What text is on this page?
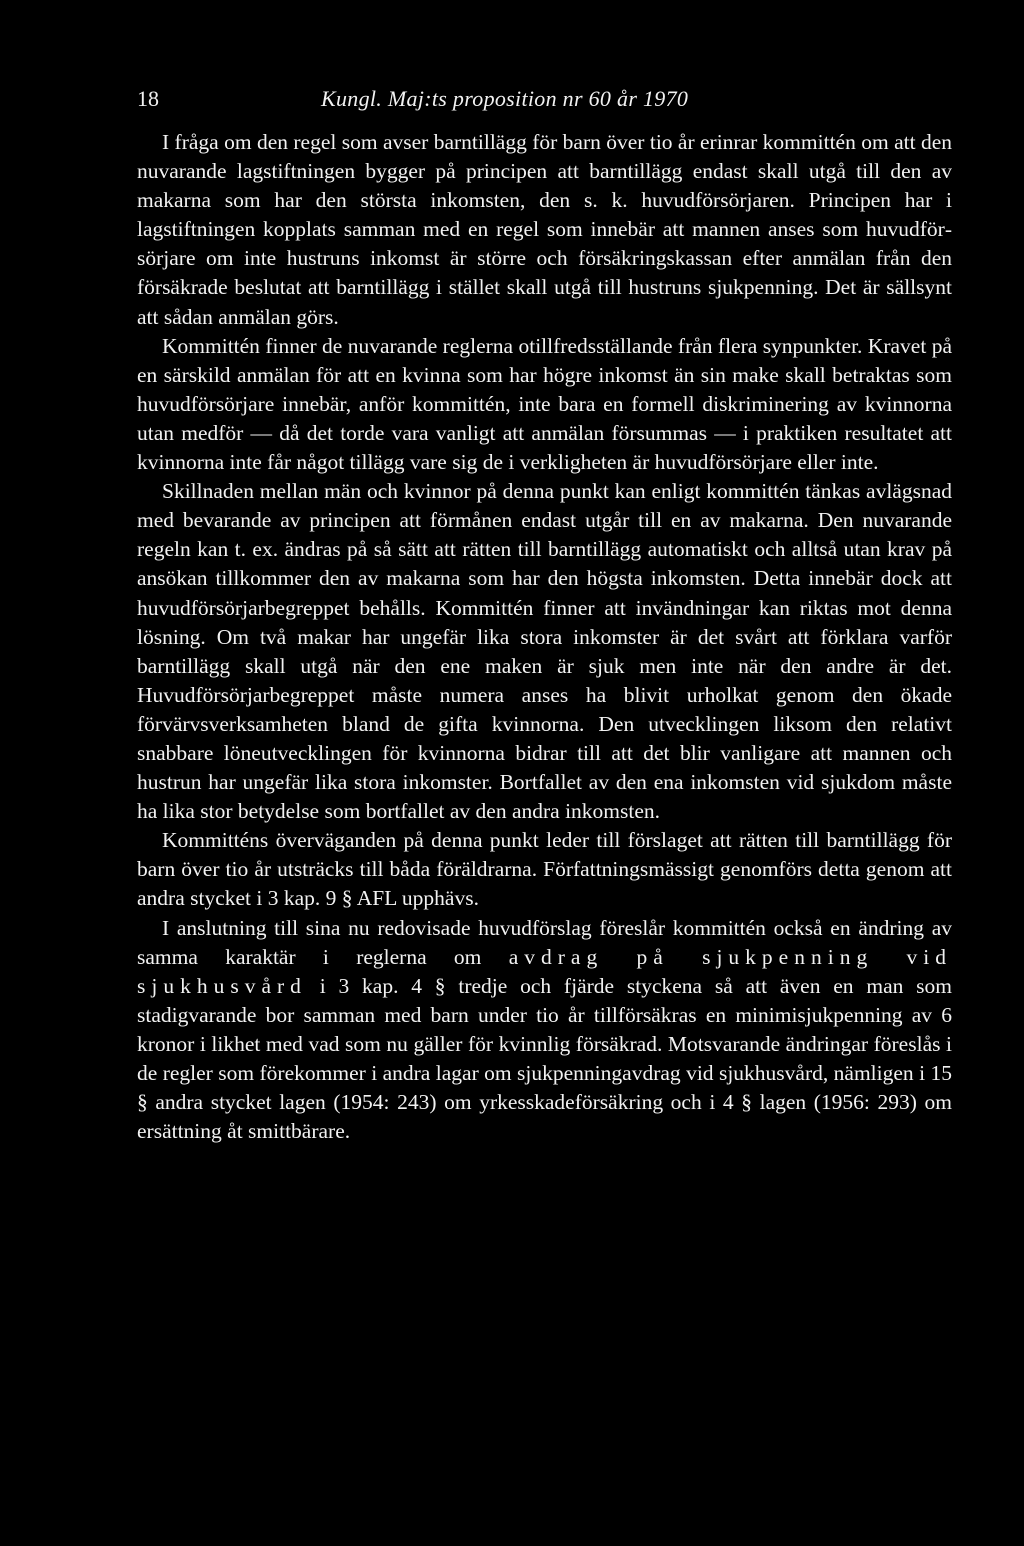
18	Kungl. Maj:ts proposition nr 60 år 1970

I fråga om den regel som avser barntillägg för barn över tio år erinrar kommittén om att den nuvarande lagstiftningen bygger på principen att barntillägg endast skall utgå till den av makarna som har den största inkomsten, den s. k. huvudförsörjaren. Principen har i lagstiftningen kopplats samman med en regel som innebär att mannen anses som huvudförsörjare om inte hustruns inkomst är större och försäkringskassan efter anmälan från den försäkrade beslutat att barntillägg i stället skall utgå till hustruns sjukpenning. Det är sällsynt att sådan anmälan görs.

Kommittén finner de nuvarande reglerna otillfredsställande från flera synpunkter. Kravet på en särskild anmälan för att en kvinna som har högre inkomst än sin make skall betraktas som huvudförsörjare innebär, anför kommittén, inte bara en formell diskriminering av kvinnorna utan medför — då det torde vara vanligt att anmälan försummas — i praktiken resultatet att kvinnorna inte får något tillägg vare sig de i verkligheten är huvudförsörjare eller inte.

Skillnaden mellan män och kvinnor på denna punkt kan enligt kommittén tänkas avlägsnad med bevarande av principen att förmånen endast utgår till en av makarna. Den nuvarande regeln kan t. ex. ändras på så sätt att rätten till barntillägg automatiskt och alltså utan krav på ansökan tillkommer den av makarna som har den högsta inkomsten. Detta innebär dock att huvudförsörjarbegreppet behålls. Kommittén finner att invändningar kan riktas mot denna lösning. Om två makar har ungefär lika stora inkomster är det svårt att förklara varför barntillägg skall utgå när den ene maken är sjuk men inte när den andre är det. Huvudförsörjarbegreppet måste numera anses ha blivit urholkat genom den ökade förvärvsverksamheten bland de gifta kvinnorna. Den utvecklingen liksom den relativt snabbare löneutvecklingen för kvinnorna bidrar till att det blir vanligare att mannen och hustrun har ungefär lika stora inkomster. Bortfallet av den ena inkomsten vid sjukdom måste ha lika stor betydelse som bortfallet av den andra inkomsten.

Kommitténs överväganden på denna punkt leder till förslaget att rätten till barntillägg för barn över tio år utsträcks till båda föräldrarna. Författningsmässigt genomförs detta genom att andra stycket i 3 kap. 9 § AFL upphävs.

I anslutning till sina nu redovisade huvudförslag föreslår kommittén också en ändring av samma karaktär i reglerna om avdrag på sjukpenning vid sjukhusvård i 3 kap. 4 § tredje och fjärde styckena så att även en man som stadigvarande bor samman med barn under tio år tillförsäkras en minimisjukpenning av 6 kronor i likhet med vad som nu gäller för kvinnlig försäkrad. Motsvarande ändringar föreslås i de regler som förekommer i andra lagar om sjukpenningavdrag vid sjukhusvård, nämligen i 15 § andra stycket lagen (1954: 243) om yrkesskadeförsäkring och i 4 § lagen (1956: 293) om ersättning åt smittbärare.
